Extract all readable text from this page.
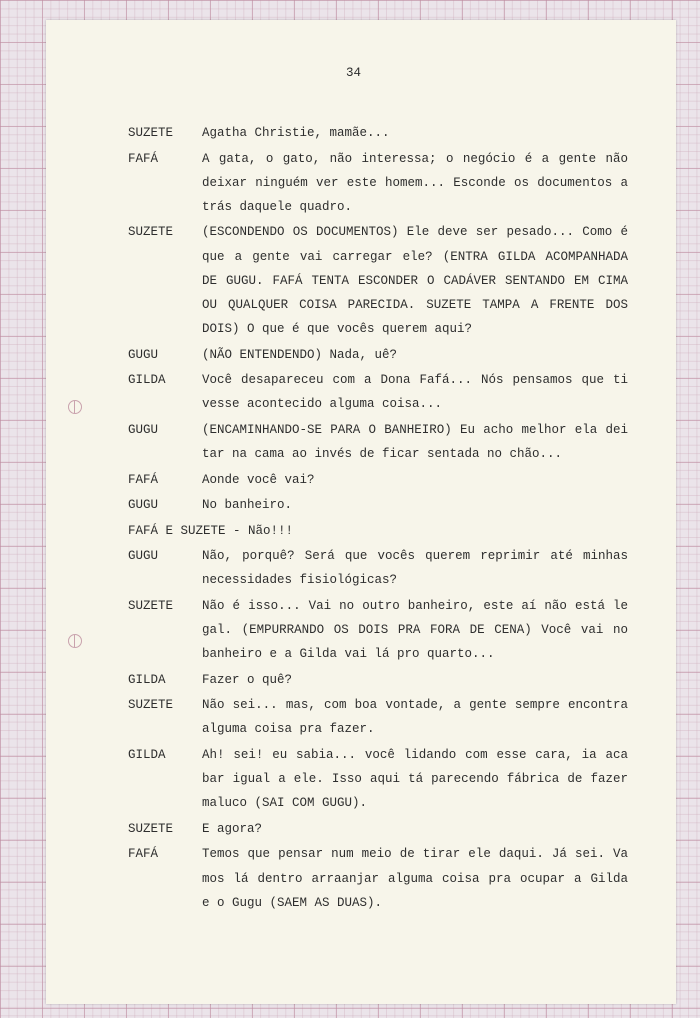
34
SUZETE	Agatha Christie, mamãe...
FAFÁ	A gata, o gato, não interessa; o negócio é a gente não deixar ninguém ver este homem... Esconde os documentos a trás daquele quadro.
SUZETE	(ESCONDENDO OS DOCUMENTOS) Ele deve ser pesado... Como é que a gente vai carregar ele? (ENTRA GILDA ACOMPANHADA DE GUGU. FAFÁ TENTA ESCONDER O CADÁVER SENTANDO EM CIMA OU QUALQUER COISA PARECIDA. SUZETE TAMPA A FRENTE DOS DOIS) O que é que vocês querem aqui?
GUGU	(NÃO ENTENDENDO) Nada, uê?
GILDA	Você desapareceu com a Dona Fafá... Nós pensamos que ti vesse acontecido alguma coisa...
GUGU	(ENCAMINHANDO-SE PARA O BANHEIRO) Eu acho melhor ela dei tar na cama ao invés de ficar sentada no chão...
FAFÁ	Aonde você vai?
GUGU	No banheiro.
FAFÁ E SUZETE - Não!!!
GUGU	Não, porquê? Será que vocês querem reprimir até minhas necessidades fisiológicas?
SUZETE	Não é isso... Vai no outro banheiro, este aí não está le gal. (EMPURRANDO OS DOIS PRA FORA DE CENA) Você vai no banheiro e a Gilda vai lá pro quarto...
GILDA	Fazer o quê?
SUZETE	Não sei... mas, com boa vontade, a gente sempre encontra alguma coisa pra fazer.
GILDA	Ah! sei! eu sabia... você lidando com esse cara, ia aca bar igual a ele. Isso aqui tá parecendo fábrica de fazer maluco (SAI COM GUGU).
SUZETE	E agora?
FAFÁ	Temos que pensar num meio de tirar ele daqui. Já sei. Va mos lá dentro arraanjar alguma coisa pra ocupar a Gilda e o Gugu (SAEM AS DUAS).
